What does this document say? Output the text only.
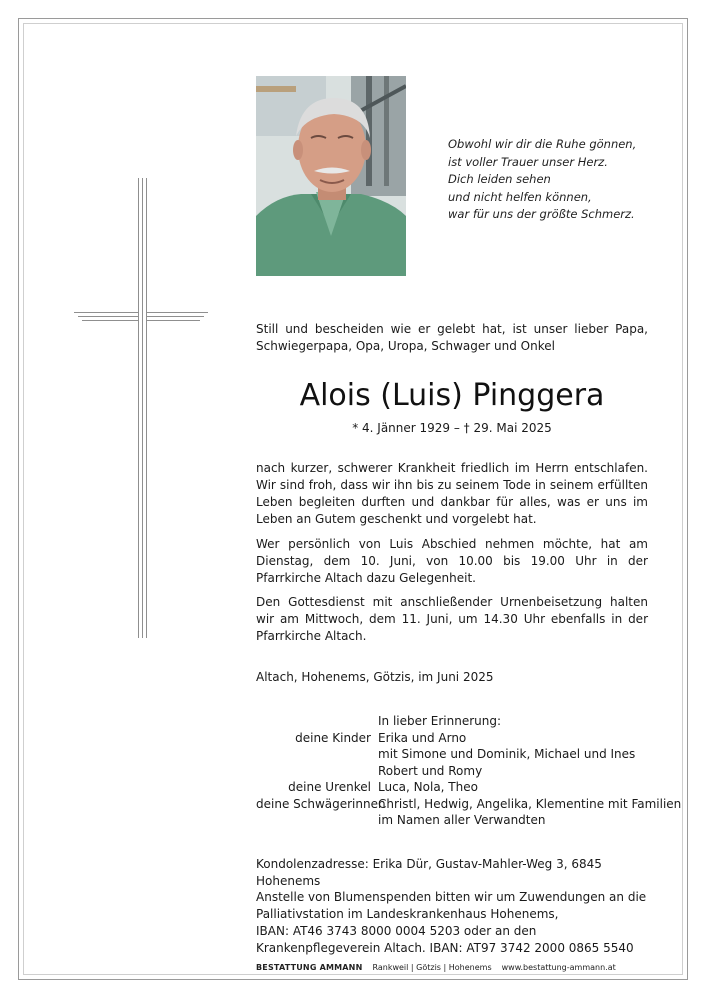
Obwohl wir dir die Ruhe gönnen,
ist voller Trauer unser Herz.
Dich leiden sehen
und nicht helfen können,
war für uns der größte Schmerz.
Still und bescheiden wie er gelebt hat, ist unser lieber Papa, Schwiegerpapa, Opa, Uropa, Schwager und Onkel
Alois (Luis) Pinggera
* 4. Jänner 1929 – † 29. Mai 2025
nach kurzer, schwerer Krankheit friedlich im Herrn entschlafen. Wir sind froh, dass wir ihn bis zu seinem Tode in seinem erfüllten Leben begleiten durften und dankbar für alles, was er uns im Leben an Gutem geschenkt und vorgelebt hat.
Wer persönlich von Luis Abschied nehmen möchte, hat am Dienstag, dem 10. Juni, von 10.00 bis 19.00 Uhr in der Pfarrkirche Altach dazu Gelegenheit.
Den Gottesdienst mit anschließender Urnenbeisetzung halten wir am Mittwoch, dem 11. Juni, um 14.30 Uhr ebenfalls in der Pfarrkirche Altach.
Altach, Hohenems, Götzis, im Juni 2025
In lieber Erinnerung:
deine Kinder Erika und Arno
mit Simone und Dominik, Michael und Ines
Robert und Romy
deine Urenkel Luca, Nola, Theo
deine Schwägerinnen
Christl, Hedwig, Angelika, Klementine mit Familien
im Namen aller Verwandten
Kondolenzadresse: Erika Dür, Gustav-Mahler-Weg 3, 6845 Hohenems
Anstelle von Blumenspenden bitten wir um Zuwendungen an die
Palliativstation im Landeskrankenhaus Hohenems,
IBAN: AT46 3743 8000 0004 5203 oder an den
Krankenpflegeverein Altach. IBAN: AT97 3742 2000 0865 5540
BESTATTUNG AMMANN Rankweil | Götzis | Hohenems www.bestattung-ammann.at
